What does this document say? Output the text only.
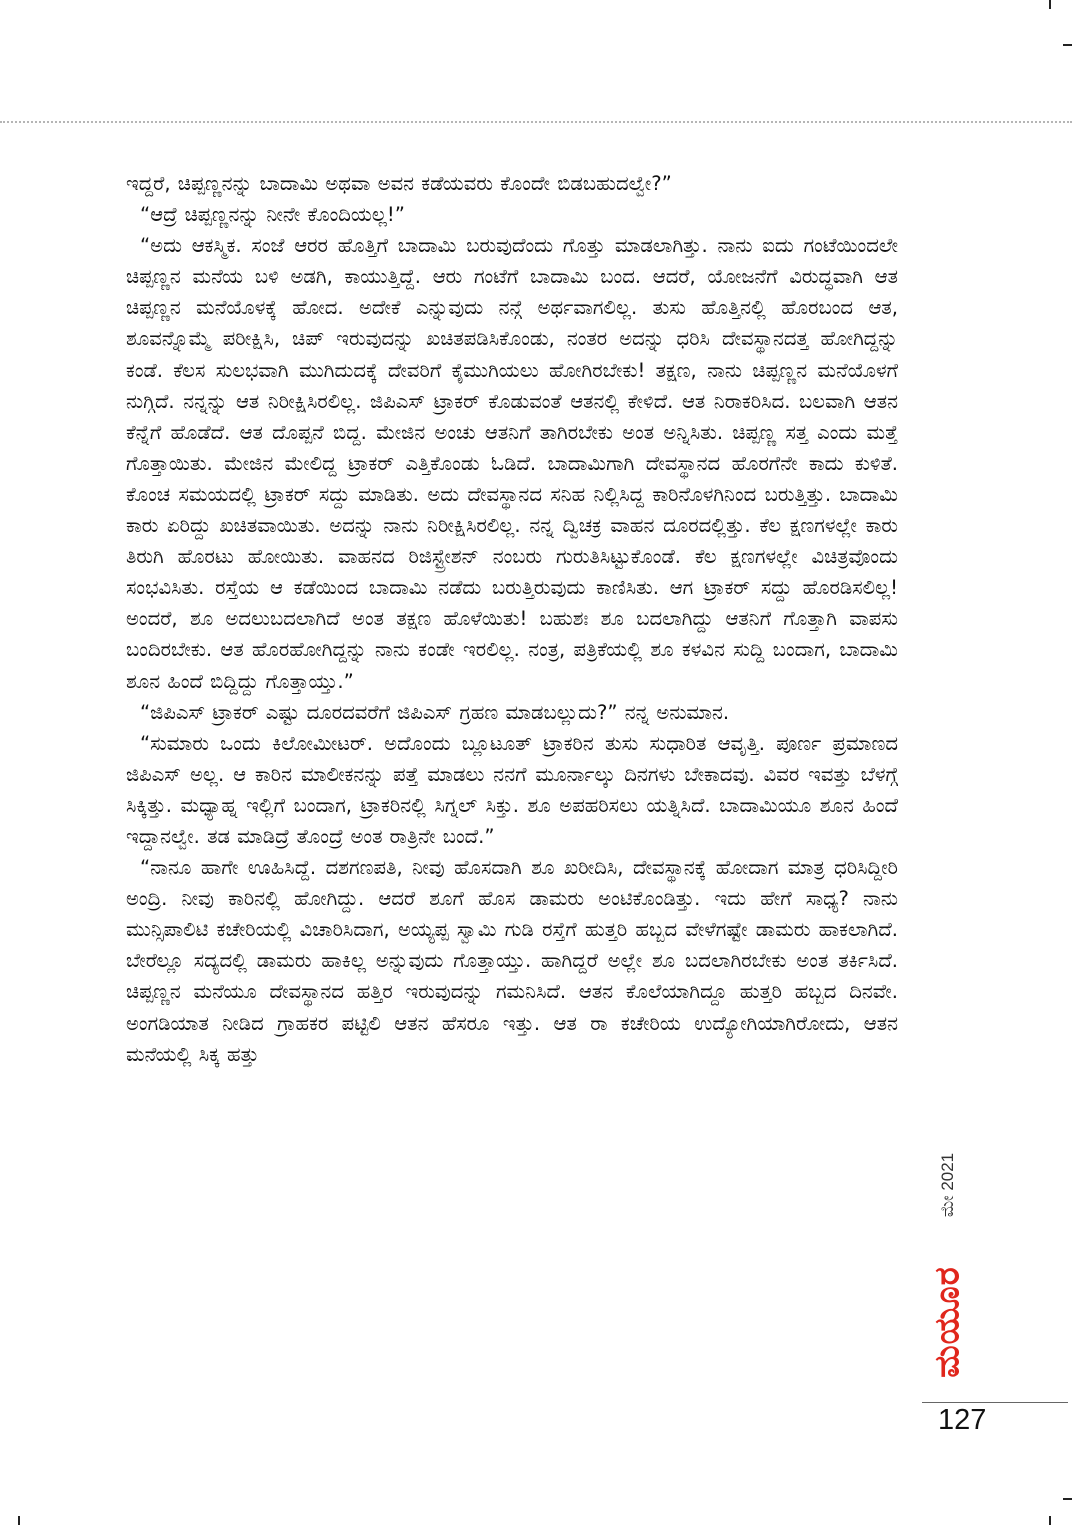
ಇದ್ದರೆ, ಚಿಪ್ಪಣ್ಣನನ್ನು ಬಾದಾಮಿ ಅಥವಾ ಅವನ ಕಡೆಯವರು ಕೊಂದೇ ಬಿಡಬಹುದಲ್ವೇ?”

“ಆದ್ರೆ ಚಿಪ್ಪಣ್ಣನನ್ನು ನೀನೇ ಕೊಂದಿಯಲ್ಲ!”

“ಅದು ಆಕಸ್ಮಿಕ. ಸಂಜೆ ಆರರ ಹೊತ್ತಿಗೆ ಬಾದಾಮಿ ಬರುವುದೆಂದು ಗೊತ್ತು ಮಾಡಲಾಗಿತ್ತು. ನಾನು ಐದು ಗಂಟೆಯಿಂದಲೇ ಚಿಪ್ಪಣ್ಣನ ಮನೆಯ ಬಳಿ ಅಡಗಿ, ಕಾಯುತ್ತಿದ್ದೆ. ಆರು ಗಂಟೆಗೆ ಬಾದಾಮಿ ಬಂದ. ಆದರೆ, ಯೋಜನೆಗೆ ವಿರುದ್ಧವಾಗಿ ಆತ ಚಿಪ್ಪಣ್ಣನ ಮನೆಯೊಳಕ್ಕೆ ಹೋದ. ಅದೇಕೆ ಎನ್ನುವುದು ನನ್ಗೆ ಅರ್ಥವಾಗಲಿಲ್ಲ. ತುಸು ಹೊತ್ತಿನಲ್ಲಿ ಹೊರಬಂದ ಆತ, ಶೂವನ್ನೊಮ್ಮೆ ಪರೀಕ್ಷಿಸಿ, ಚಿಪ್ ಇರುವುದನ್ನು ಖಚಿತಪಡಿಸಿಕೊಂಡು, ನಂತರ ಅದನ್ನು ಧರಿಸಿ ದೇವಸ್ಥಾನದತ್ತ ಹೋಗಿದ್ದನ್ನು ಕಂಡೆ. ಕೆಲಸ ಸುಲಭವಾಗಿ ಮುಗಿದುದಕ್ಕೆ ದೇವರಿಗೆ ಕೈಮುಗಿಯಲು ಹೋಗಿರಬೇಕು! ತಕ್ಷಣ, ನಾನು ಚಿಪ್ಪಣ್ಣನ ಮನೆಯೊಳಗೆ ನುಗ್ಗಿದೆ. ನನ್ನನ್ನು ಆತ ನಿರೀಕ್ಷಿಸಿರಲಿಲ್ಲ. ಜಿಪಿಎಸ್ ಟ್ರಾಕರ್ ಕೊಡುವಂತೆ ಆತನಲ್ಲಿ ಕೇಳಿದೆ. ಆತ ನಿರಾಕರಿಸಿದ. ಬಲವಾಗಿ ಆತನ ಕೆನ್ನೆಗೆ ಹೊಡೆದೆ. ಆತ ದೊಪ್ಪನೆ ಬಿದ್ದ. ಮೇಜಿನ ಅಂಚು ಆತನಿಗೆ ತಾಗಿರಬೇಕು ಅಂತ ಅನ್ನಿಸಿತು. ಚಿಪ್ಪಣ್ಣ ಸತ್ತ ಎಂದು ಮತ್ತೆ ಗೊತ್ತಾಯಿತು. ಮೇಜಿನ ಮೇಲಿದ್ದ ಟ್ರಾಕರ್ ಎತ್ತಿಕೊಂಡು ಓಡಿದೆ. ಬಾದಾಮಿಗಾಗಿ ದೇವಸ್ಥಾನದ ಹೊರಗೆನೇ ಕಾದು ಕುಳಿತೆ. ಕೊಂಚ ಸಮಯದಲ್ಲಿ ಟ್ರಾಕರ್ ಸದ್ದು ಮಾಡಿತು. ಅದು ದೇವಸ್ಥಾನದ ಸನಿಹ ನಿಲ್ಲಿಸಿದ್ದ ಕಾರಿನೊಳಗಿನಿಂದ ಬರುತ್ತಿತ್ತು. ಬಾದಾಮಿ ಕಾರು ಏರಿದ್ದು ಖಚಿತವಾಯಿತು. ಅದನ್ನು ನಾನು ನಿರೀಕ್ಷಿಸಿರಲಿಲ್ಲ. ನನ್ನ ದ್ವಿಚಕ್ರ ವಾಹನ ದೂರದಲ್ಲಿತ್ತು. ಕೆಲ ಕ್ಷಣಗಳಲ್ಲೇ ಕಾರು ತಿರುಗಿ ಹೊರಟು ಹೋಯಿತು. ವಾಹನದ ರಿಜಿಸ್ಟ್ರೇಶನ್ ನಂಬರು ಗುರುತಿಸಿಟ್ಟುಕೊಂಡೆ. ಕೆಲ ಕ್ಷಣಗಳಲ್ಲೇ ವಿಚಿತ್ರವೊಂದು ಸಂಭವಿಸಿತು. ರಸ್ತೆಯ ಆ ಕಡೆಯಿಂದ ಬಾದಾಮಿ ನಡೆದು ಬರುತ್ತಿರುವುದು ಕಾಣಿಸಿತು. ಆಗ ಟ್ರಾಕರ್ ಸದ್ದು ಹೊರಡಿಸಲಿಲ್ಲ! ಅಂದರೆ, ಶೂ ಅದಲುಬದಲಾಗಿದೆ ಅಂತ ತಕ್ಷಣ ಹೊಳೆಯಿತು! ಬಹುಶಃ ಶೂ ಬದಲಾಗಿದ್ದು ಆತನಿಗೆ ಗೊತ್ತಾಗಿ ವಾಪಸು ಬಂದಿರಬೇಕು. ಆತ ಹೊರಹೋಗಿದ್ದನ್ನು ನಾನು ಕಂಡೇ ಇರಲಿಲ್ಲ. ನಂತ್ರ, ಪತ್ರಿಕೆಯಲ್ಲಿ ಶೂ ಕಳವಿನ ಸುದ್ದಿ ಬಂದಾಗ, ಬಾದಾಮಿ ಶೂನ ಹಿಂದೆ ಬಿದ್ದಿದ್ದು ಗೊತ್ತಾಯ್ತು.”

“ಜಿಪಿಎಸ್ ಟ್ರಾಕರ್ ಎಷ್ಟು ದೂರದವರೆಗೆ ಜಿಪಿಎಸ್ ಗ್ರಹಣ ಮಾಡಬಲ್ಲುದು?” ನನ್ನ ಅನುಮಾನ.

“ಸುಮಾರು ಒಂದು ಕಿಲೋಮೀಟರ್. ಅದೊಂದು ಬ್ಲೂಟೂತ್ ಟ್ರಾಕರಿನ ತುಸು ಸುಧಾರಿತ ಆವೃತ್ತಿ. ಪೂರ್ಣ ಪ್ರಮಾಣದ ಜಿಪಿಎಸ್ ಅಲ್ಲ. ಆ ಕಾರಿನ ಮಾಲೀಕನನ್ನು ಪತ್ತೆ ಮಾಡಲು ನನಗೆ ಮೂರ್ನಾಲ್ಕು ದಿನಗಳು ಬೇಕಾದವು. ವಿವರ ಇವತ್ತು ಬೆಳಗ್ಗೆ ಸಿಕ್ಕಿತ್ತು. ಮಧ್ಯಾಹ್ನ ಇಲ್ಲಿಗೆ ಬಂದಾಗ, ಟ್ರಾಕರಿನಲ್ಲಿ ಸಿಗ್ನಲ್ ಸಿಕ್ತು. ಶೂ ಅಪಹರಿಸಲು ಯತ್ನಿಸಿದೆ. ಬಾದಾಮಿಯೂ ಶೂನ ಹಿಂದೆ ಇದ್ದಾನಲ್ವೇ. ತಡ ಮಾಡಿದ್ರೆ ತೊಂದ್ರೆ ಅಂತ ರಾತ್ರಿನೇ ಬಂದೆ.”

“ನಾನೂ ಹಾಗೇ ಊಹಿಸಿದ್ದೆ. ದಶಗಣಪತಿ, ನೀವು ಹೊಸದಾಗಿ ಶೂ ಖರೀದಿಸಿ, ದೇವಸ್ಥಾನಕ್ಕೆ ಹೋದಾಗ ಮಾತ್ರ ಧರಿಸಿದ್ದೀರಿ ಅಂದ್ರಿ. ನೀವು ಕಾರಿನಲ್ಲಿ ಹೋಗಿದ್ದು. ಆದರೆ ಶೂಗೆ ಹೊಸ ಡಾಮರು ಅಂಟಿಕೊಂಡಿತ್ತು. ಇದು ಹೇಗೆ ಸಾಧ್ಯ? ನಾನು ಮುನ್ಸಿಪಾಲಿಟಿ ಕಚೇರಿಯಲ್ಲಿ ವಿಚಾರಿಸಿದಾಗ, ಅಯ್ಯಪ್ಪ ಸ್ವಾಮಿ ಗುಡಿ ರಸ್ತೆಗೆ ಹುತ್ತರಿ ಹಬ್ಬದ ವೇಳೆಗಷ್ಟೇ ಡಾಮರು ಹಾಕಲಾಗಿದೆ. ಬೇರೆಲ್ಲೂ ಸದ್ಯದಲ್ಲಿ ಡಾಮರು ಹಾಕಿಲ್ಲ ಅನ್ನುವುದು ಗೊತ್ತಾಯ್ತು. ಹಾಗಿದ್ದರೆ ಅಲ್ಲೇ ಶೂ ಬದಲಾಗಿರಬೇಕು ಅಂತ ತರ್ಕಿಸಿದೆ. ಚಿಪ್ಪಣ್ಣನ ಮನೆಯೂ ದೇವಸ್ಥಾನದ ಹತ್ತಿರ ಇರುವುದನ್ನು ಗಮನಿಸಿದೆ. ಆತನ ಕೊಲೆಯಾಗಿದ್ದೂ ಹುತ್ತರಿ ಹಬ್ಬದ ದಿನವೇ. ಅಂಗಡಿಯಾತ ನೀಡಿದ ಗ್ರಾಹಕರ ಪಟ್ಟಿಲಿ ಆತನ ಹೆಸರೂ ಇತ್ತು. ಆತ ರಾ ಕಚೇರಿಯ ಉದ್ಯೋಗಿಯಾಗಿರೋದು, ಆತನ ಮನೆಯಲ್ಲಿ ಸಿಕ್ಕ ಹತ್ತು

ಮೇ 2021
ಮಯೂರ
127
